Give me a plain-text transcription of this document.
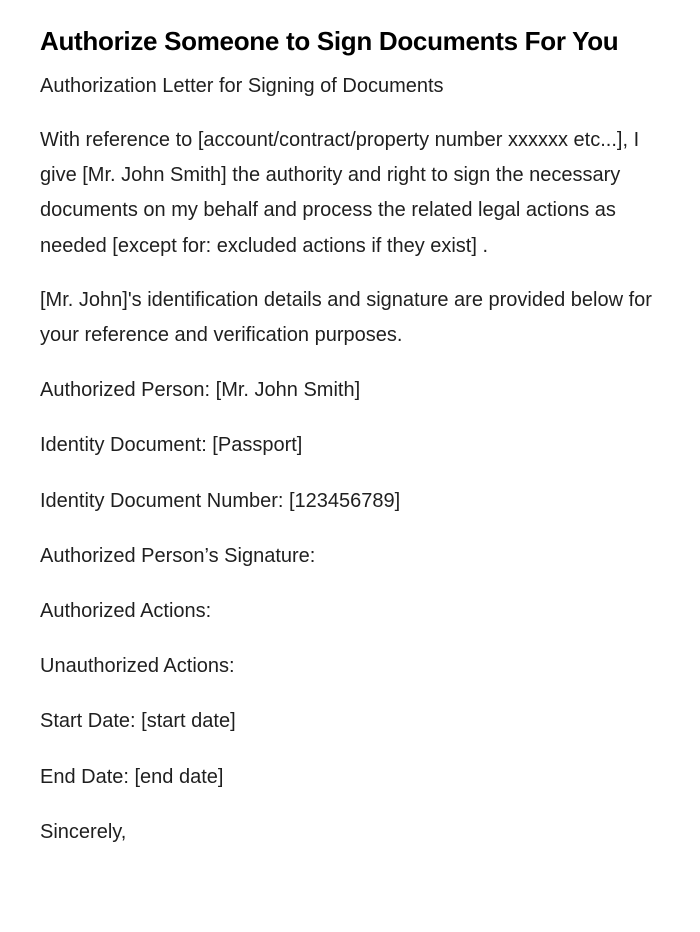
Authorize Someone to Sign Documents For You

Authorization Letter for Signing of Documents

With reference to [account/contract/property number xxxxxx etc...], I give [Mr. John Smith] the authority and right to sign the necessary documents on my behalf and process the related legal actions as needed [except for: excluded actions if they exist] .

[Mr. John]'s identification details and signature are provided below for your reference and verification purposes.

Authorized Person: [Mr. John Smith]

Identity Document: [Passport]

Identity Document Number: [123456789]

Authorized Person’s Signature:

Authorized Actions:

Unauthorized Actions:

Start Date: [start date]

End Date: [end date]

Sincerely,
